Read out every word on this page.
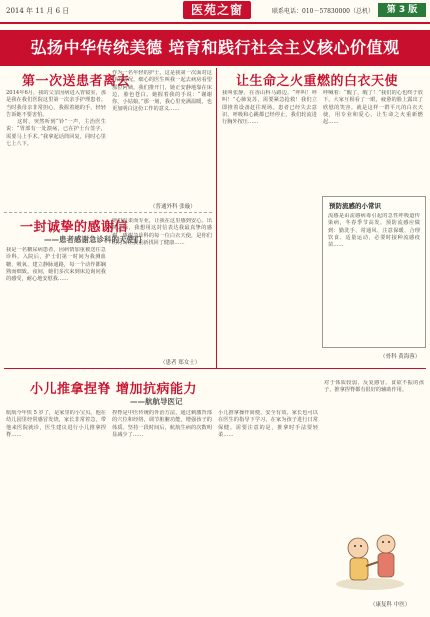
2014 年 11 月 6 日	医苑之窗	联系电话：010－57830000（总机）	第 3 版
弘扬中华传统美德 培育和践行社会主义核心价值观
第一次送患者离去
2014年6月，我的父亲因病进入胃镜室，那是我在我们医院这里第一次亲手护理患者。当时我母亲非常担心，我握着她的手，轻轻告诉她不要害怕。
　　这时，突然听到“铃”一声，主治医生说：“胃部有一处溃疡，已在护士台签字，需要马上手术。”我拿起话筒回复，同时心里七上八下。
作为一名年轻的护士，这是我第一次面对这样的情况。细心的医生叫我一起去病房看望那位阿姨。我们推开门，她正安静地靠在床边，脸色苍白。她握着我的手说：“谢谢你，小姑娘。”那一刻，我心里充满温暖，也更加明白这份工作的意义……
（普通外科 张璇）
一封诚挚的感谢信
——患者感谢急诊科的天使们
我是一名糖尿病患者，因病情加重被送往急诊科。入院后，护士们第一时间为我测血糖、吸氧、建立静脉通路，每一个动作都娴熟而细致。夜间，她们多次来到床边询问我的感受，耐心地安慰我……
她们温柔而专业，让我在这里感到安心。出院之际，我想用这封信表达我最真挚的感谢，感谢急诊科的每一位白衣天使，是你们的付出让我重新找回了健康……
（患者 郑女士）
让生命之火重燃的白衣天使
我叫张静，在香山科马路边，“呼叫！呼叫！”心肺复苏，需要紧急抢救！我们立即推着设备赶往现场。患者已经失去意识，呼吸和心跳都已经停止，我们轮流进行胸外按压……
呼喊着：“醒了，醒了！”我们的心也终于放下。大家互相看了一眼，疲惫的脸上露出了欣慰的笑容。就是这样一群平凡的白衣天使，用专业和爱心，让生命之火重新燃起……
预防流感的小常识
流感是由流感病毒引起的急性呼吸道传染病，冬春季节高发。预防流感应做到：勤洗手、常通风、注意保暖、合理饮食、适量运动，必要时接种流感疫苗……
（骨科 黄海蓉）
小儿推拿捏脊 增加抗病能力
——航航导医记
航航今年快 5 岁了，是家里的小宝贝。他在幼儿园里经常感冒发烧，家长非常着急，带他来医院就诊，医生建议进行小儿推拿捏脊……
捏脊是中医传统的外治方法，通过刺激背部的穴位和经络，调节脏腑功能，增强孩子的体质。坚持一段时间后，航航生病的次数明显减少了……
小儿推拿操作简便、安全有效，家长也可以在医生的指导下学习，在家为孩子进行日常保健。需要注意的是，推拿时手法要轻柔……
对于体质较弱、反复感冒、食欲不振的孩子，推拿捏脊都有很好的辅助作用。
（康复科 中医）
